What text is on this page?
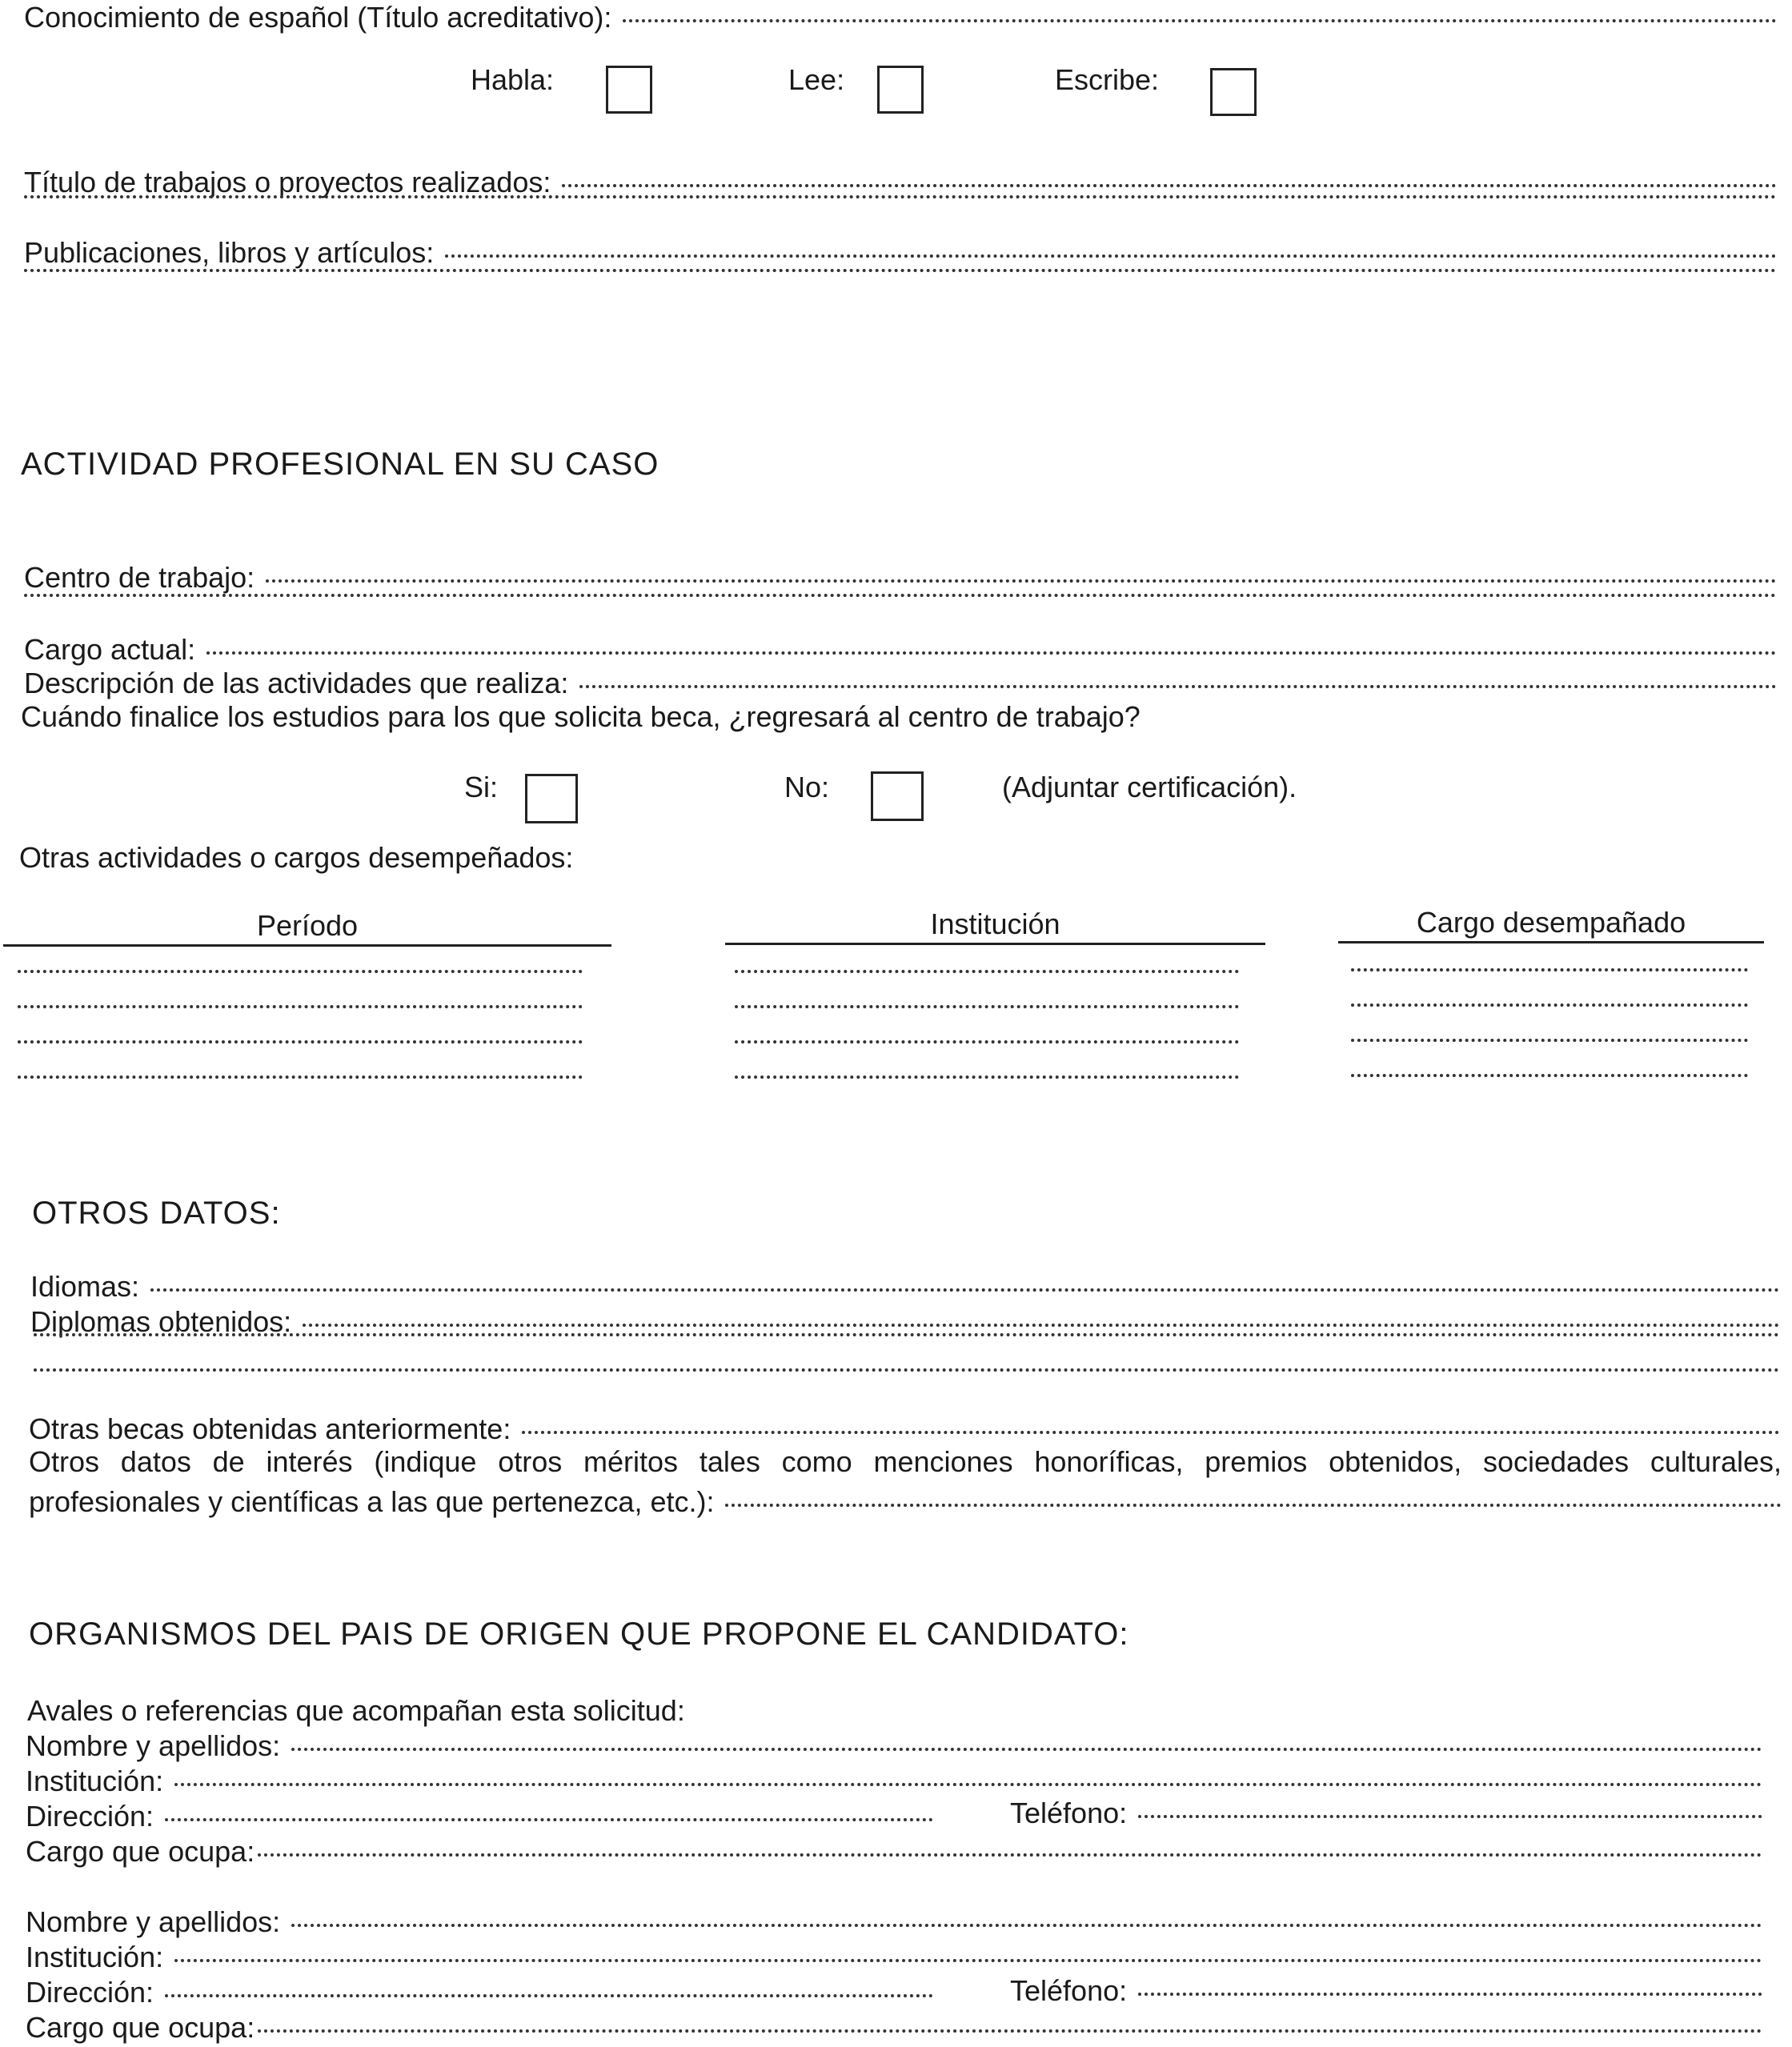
Conocimiento de español (Título acreditativo):
Habla:	Lee:	Escribe:
Título de trabajos o proyectos realizados:
Publicaciones, libros y artículos:
ACTIVIDAD PROFESIONAL EN SU CASO
Centro de trabajo:
Cargo actual:
Descripción de las actividades que realiza:
Cuándo finalice los estudios para los que solicita beca, ¿regresará al centro de trabajo?
Si:	No:	(Adjuntar certificación).
Otras actividades o cargos desempeñados:
Período	Institución	Cargo desempañado
OTROS DATOS:
Idiomas:
Diplomas obtenidos:
Otras becas obtenidas anteriormente:
Otros datos de interés (indique otros méritos tales como menciones honoríficas, premios obtenidos, sociedades culturales,
profesionales y científicas a las que pertenezca, etc.):
ORGANISMOS DEL PAIS DE ORIGEN QUE PROPONE EL CANDIDATO:
Avales o referencias que acompañan esta solicitud:
Nombre y apellidos:
Institución:
Dirección:	Teléfono:
Cargo que ocupa:
Nombre y apellidos:
Institución:
Dirección:	Teléfono:
Cargo que ocupa:
